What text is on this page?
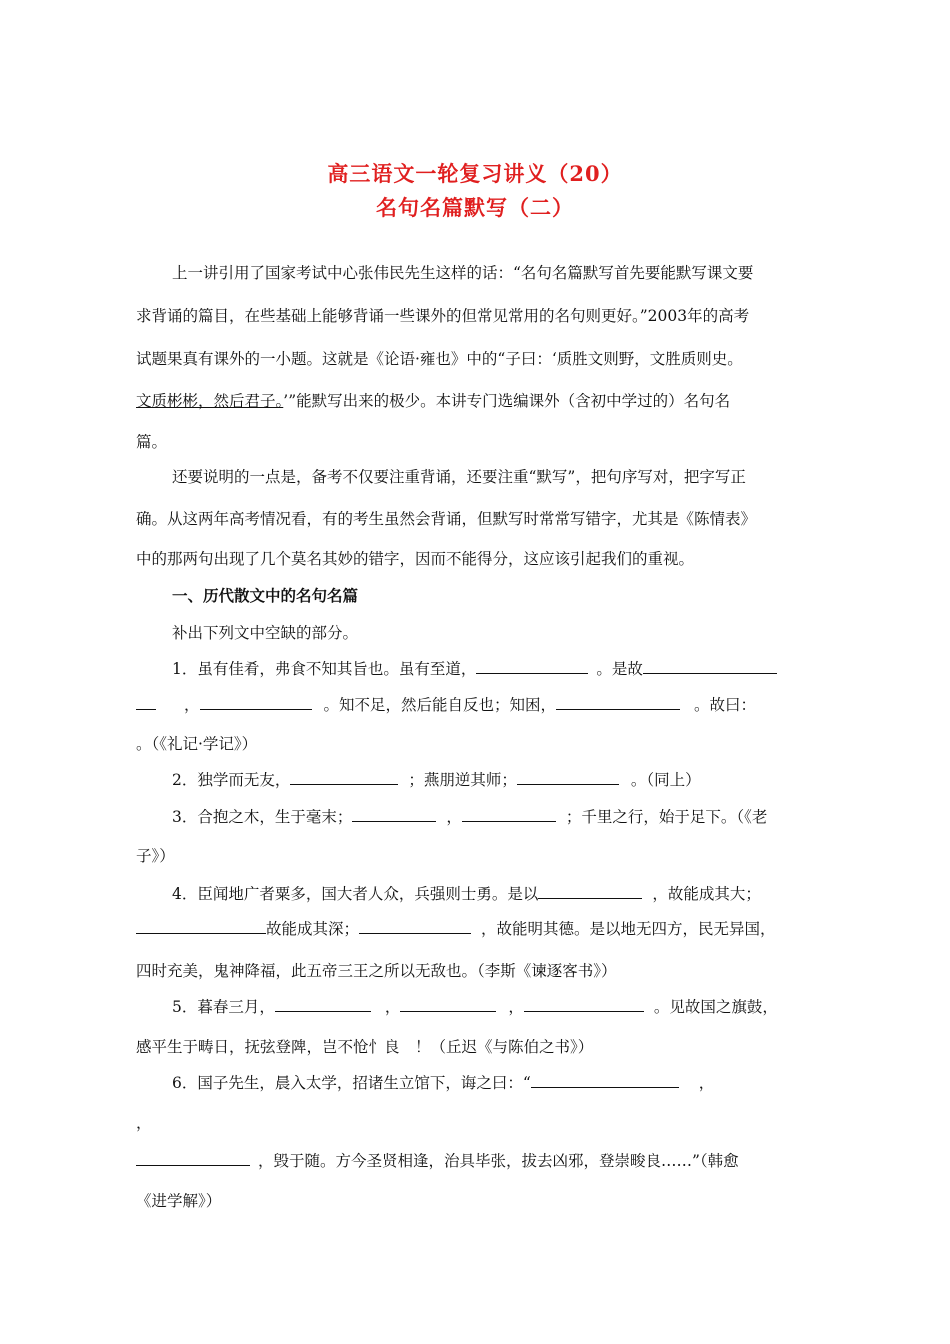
高三语文一轮复习讲义（20）
名句名篇默写（二）
上一讲引用了国家考试中心张伟民先生这样的话：“名句名篇默写首先要能默写课文要
求背诵的篇目，在些基础上能够背诵一些课外的但常见常用的名句则更好。”2003年的高考
试题果真有课外的一小题。这就是《论语·雍也》中的“子曰：‘质胜文则野，文胜质则史。
文质彬彬，然后君子。’”能默写出来的极少。本讲专门选编课外（含初中学过的）名句名
篇。
还要说明的一点是，备考不仅要注重背诵，还要注重“默写”，把句序写对，把字写正
确。从这两年高考情况看，有的考生虽然会背诵，但默写时常常写错字，尤其是《陈情表》
中的那两句出现了几个莫名其妙的错字，因而不能得分，这应该引起我们的重视。
一、历代散文中的名句名篇
补出下列文中空缺的部分。
1．虽有佳肴，弗食不知其旨也。虽有至道，	。是故
，	。知不足，然后能自反也；知困，	。故曰：
。（《礼记·学记》）
2．独学而无友，	；燕朋逆其师；	。（同上）
3．合抱之木，生于毫末；	，	；千里之行，始于足下。（《老
子》）
4．臣闻地广者粟多，国大者人众，兵强则士勇。是以	，故能成其大；
故能成其深；	，故能明其德。是以地无四方，民无异国，
四时充美，鬼神降福，此五帝三王之所以无敌也。（李斯《谏逐客书》）
5．暮春三月，	，	，	。见故国之旗鼓，
感平生于畴日，抚弦登陴，岂不怆忄良　！（丘迟《与陈伯之书》）
6．国子先生，晨入太学，招诸生立馆下，诲之曰：“	，
，
，毁于随。方今圣贤相逢，治具毕张，拔去凶邪，登崇畯良……”（韩愈
《进学解》）
